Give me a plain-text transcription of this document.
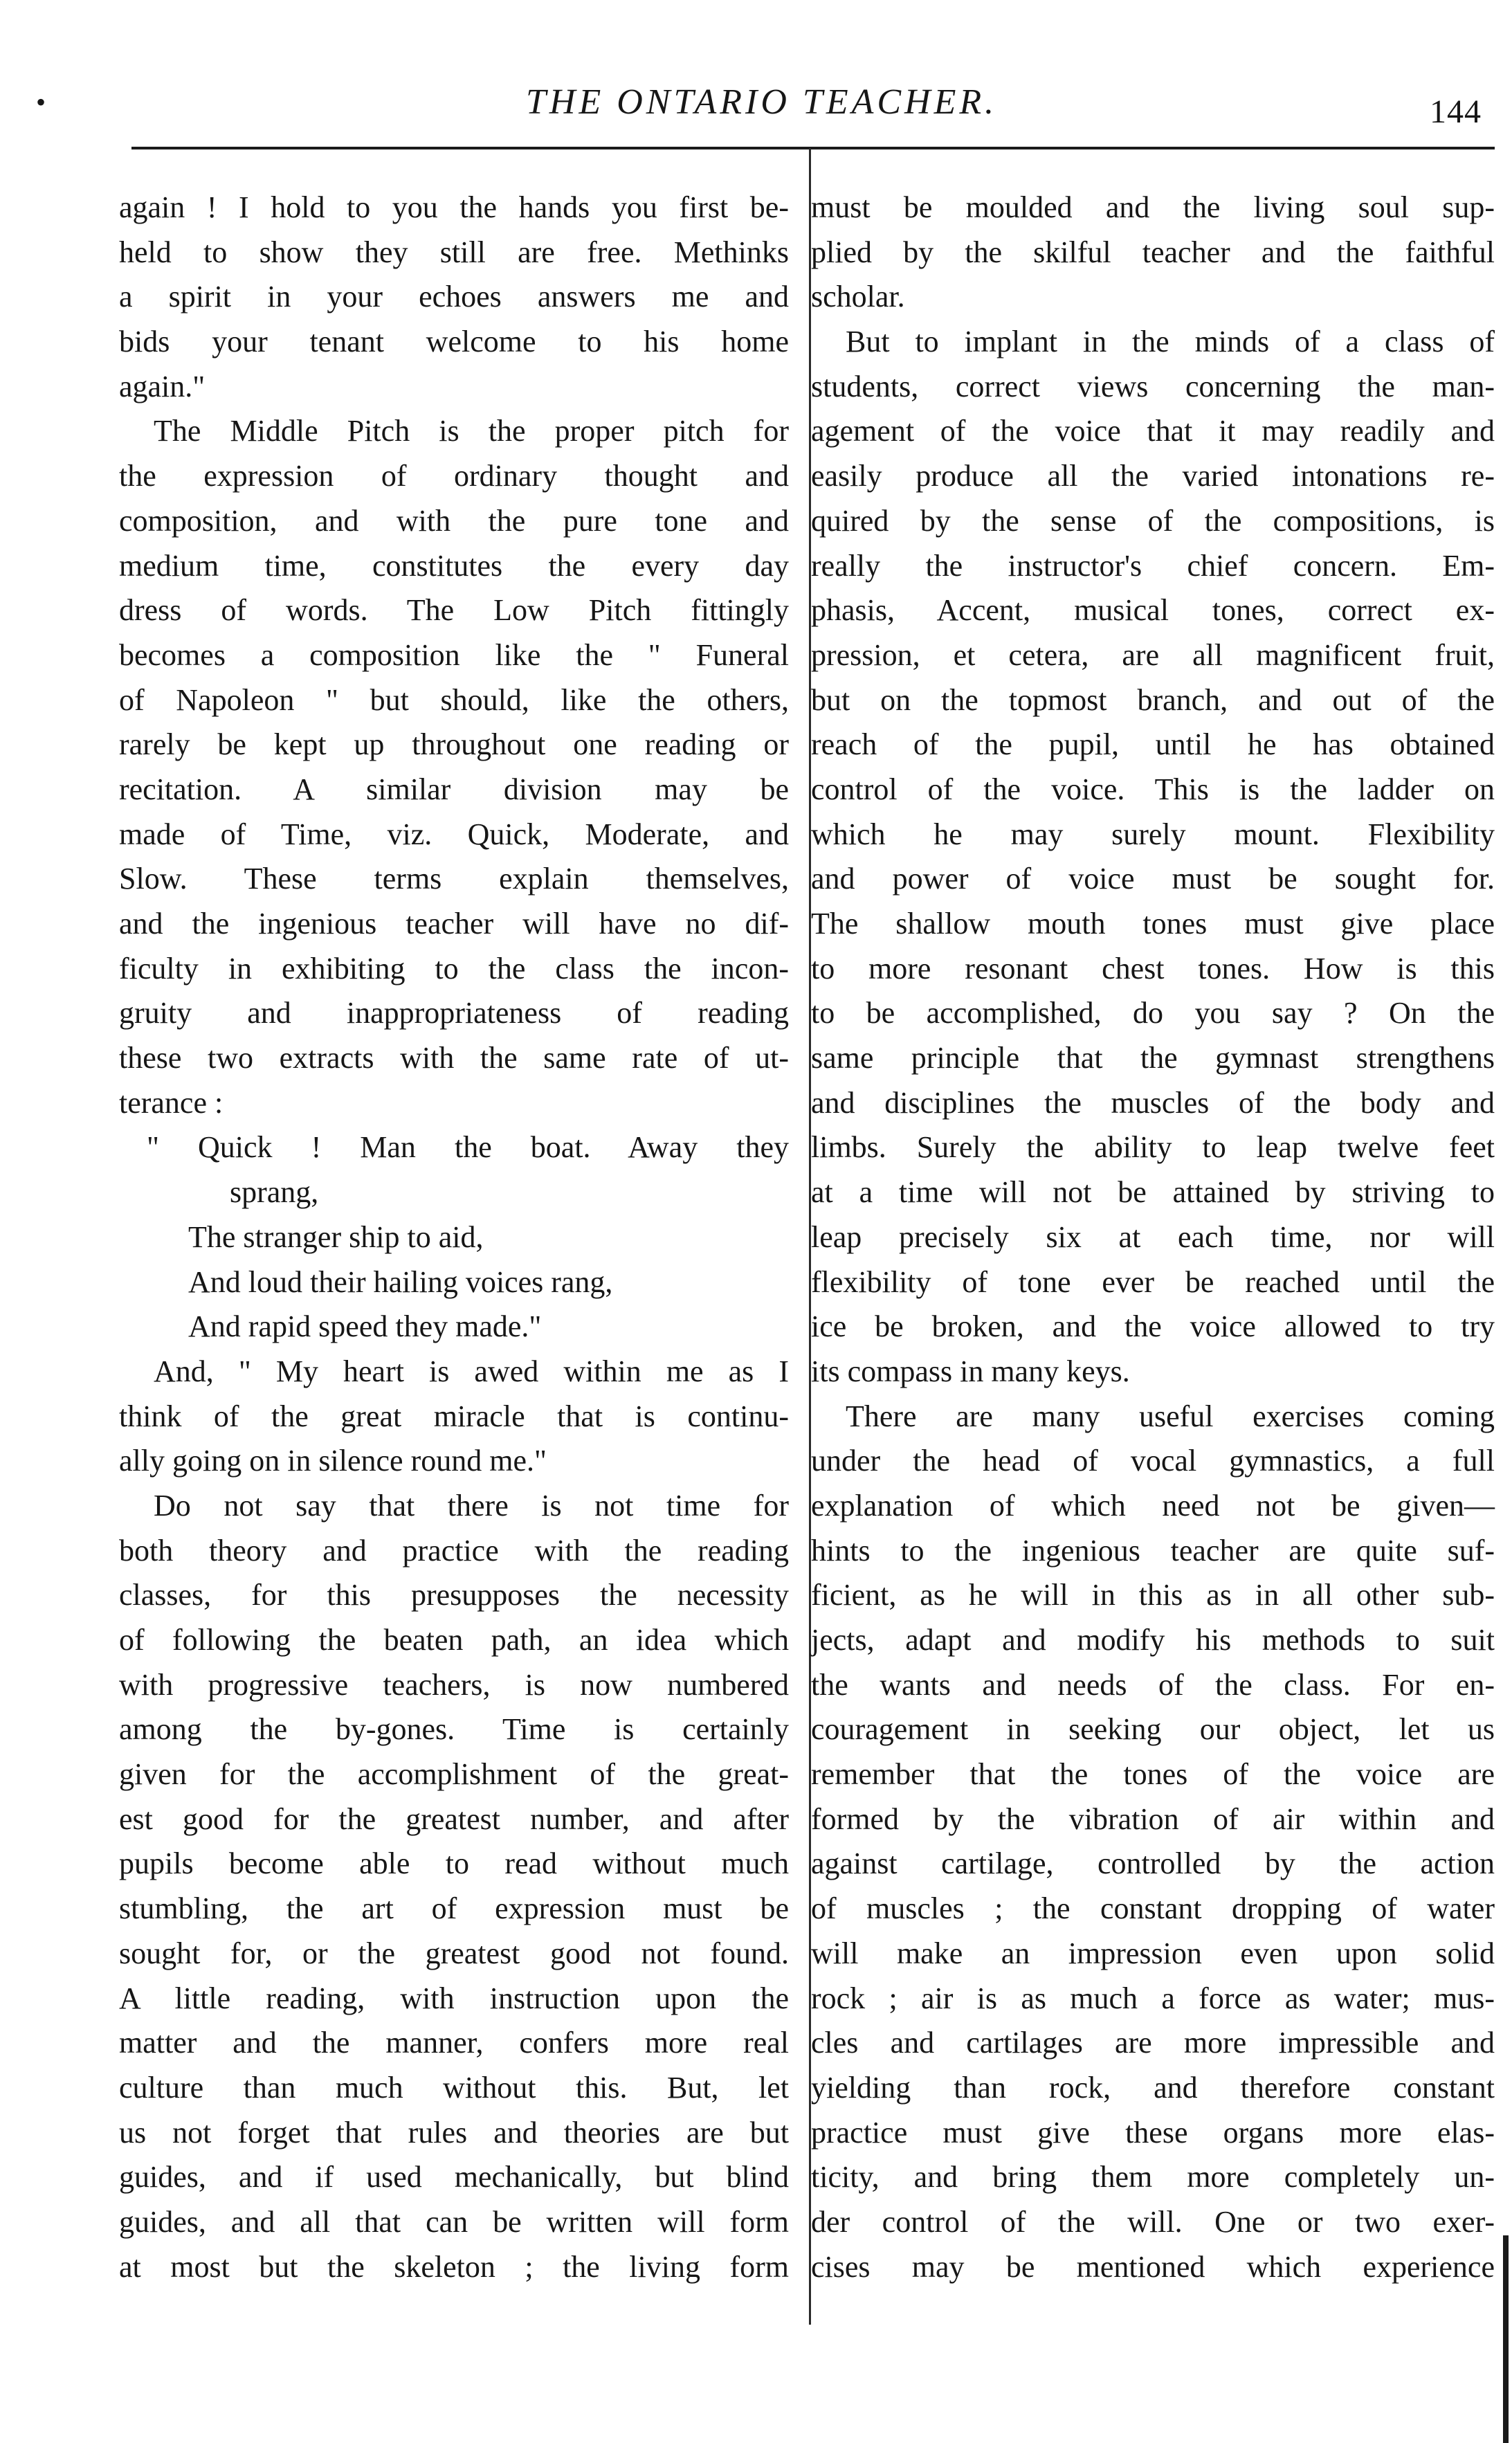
•	THE ONTARIO TEACHER.	144
again ! I hold to you the hands you first be-
held to show they still are free. Methinks
a spirit in your echoes answers me and
bids your tenant welcome to his home
again."
The Middle Pitch is the proper pitch for
the expression of ordinary thought and
composition, and with the pure tone and
medium time, constitutes the every day
dress of words. The Low Pitch fittingly
becomes a composition like the " Funeral
of Napoleon " but should, like the others,
rarely be kept up throughout one reading or
recitation. A similar division may be
made of Time, viz. Quick, Moderate, and
Slow. These terms explain themselves,
and the ingenious teacher will have no dif-
ficulty in exhibiting to the class the incon-
gruity and inappropriateness of reading
these two extracts with the same rate of ut-
terance :
" Quick ! Man the boat. Away they
sprang,
The stranger ship to aid,
And loud their hailing voices rang,
And rapid speed they made."
And, " My heart is awed within me as I
think of the great miracle that is continu-
ally going on in silence round me."
Do not say that there is not time for
both theory and practice with the reading
classes, for this presupposes the necessity
of following the beaten path, an idea which
with progressive teachers, is now numbered
among the by-gones. Time is certainly
given for the accomplishment of the great-
est good for the greatest number, and after
pupils become able to read without much
stumbling, the art of expression must be
sought for, or the greatest good not found.
A little reading, with instruction upon the
matter and the manner, confers more real
culture than much without this. But, let
us not forget that rules and theories are but
guides, and if used mechanically, but blind
guides, and all that can be written will form
at most but the skeleton ; the living form
must be moulded and the living soul sup-
plied by the skilful teacher and the faithful
scholar.
But to implant in the minds of a class of
students, correct views concerning the man-
agement of the voice that it may readily and
easily produce all the varied intonations re-
quired by the sense of the compositions, is
really the instructor's chief concern. Em-
phasis, Accent, musical tones, correct ex-
pression, et cetera, are all magnificent fruit,
but on the topmost branch, and out of the
reach of the pupil, until he has obtained
control of the voice. This is the ladder on
which he may surely mount. Flexibility
and power of voice must be sought for.
The shallow mouth tones must give place
to more resonant chest tones. How is this
to be accomplished, do you say ? On the
same principle that the gymnast strengthens
and disciplines the muscles of the body and
limbs. Surely the ability to leap twelve feet
at a time will not be attained by striving to
leap precisely six at each time, nor will
flexibility of tone ever be reached until the
ice be broken, and the voice allowed to try
its compass in many keys.
There are many useful exercises coming
under the head of vocal gymnastics, a full
explanation of which need not be given—
hints to the ingenious teacher are quite suf-
ficient, as he will in this as in all other sub-
jects, adapt and modify his methods to suit
the wants and needs of the class. For en-
couragement in seeking our object, let us
remember that the tones of the voice are
formed by the vibration of air within and
against cartilage, controlled by the action
of muscles ; the constant dropping of water
will make an impression even upon solid
rock ; air is as much a force as water; mus-
cles and cartilages are more impressible and
yielding than rock, and therefore constant
practice must give these organs more elas-
ticity, and bring them more completely un-
der control of the will. One or two exer-
cises may be mentioned which experience
